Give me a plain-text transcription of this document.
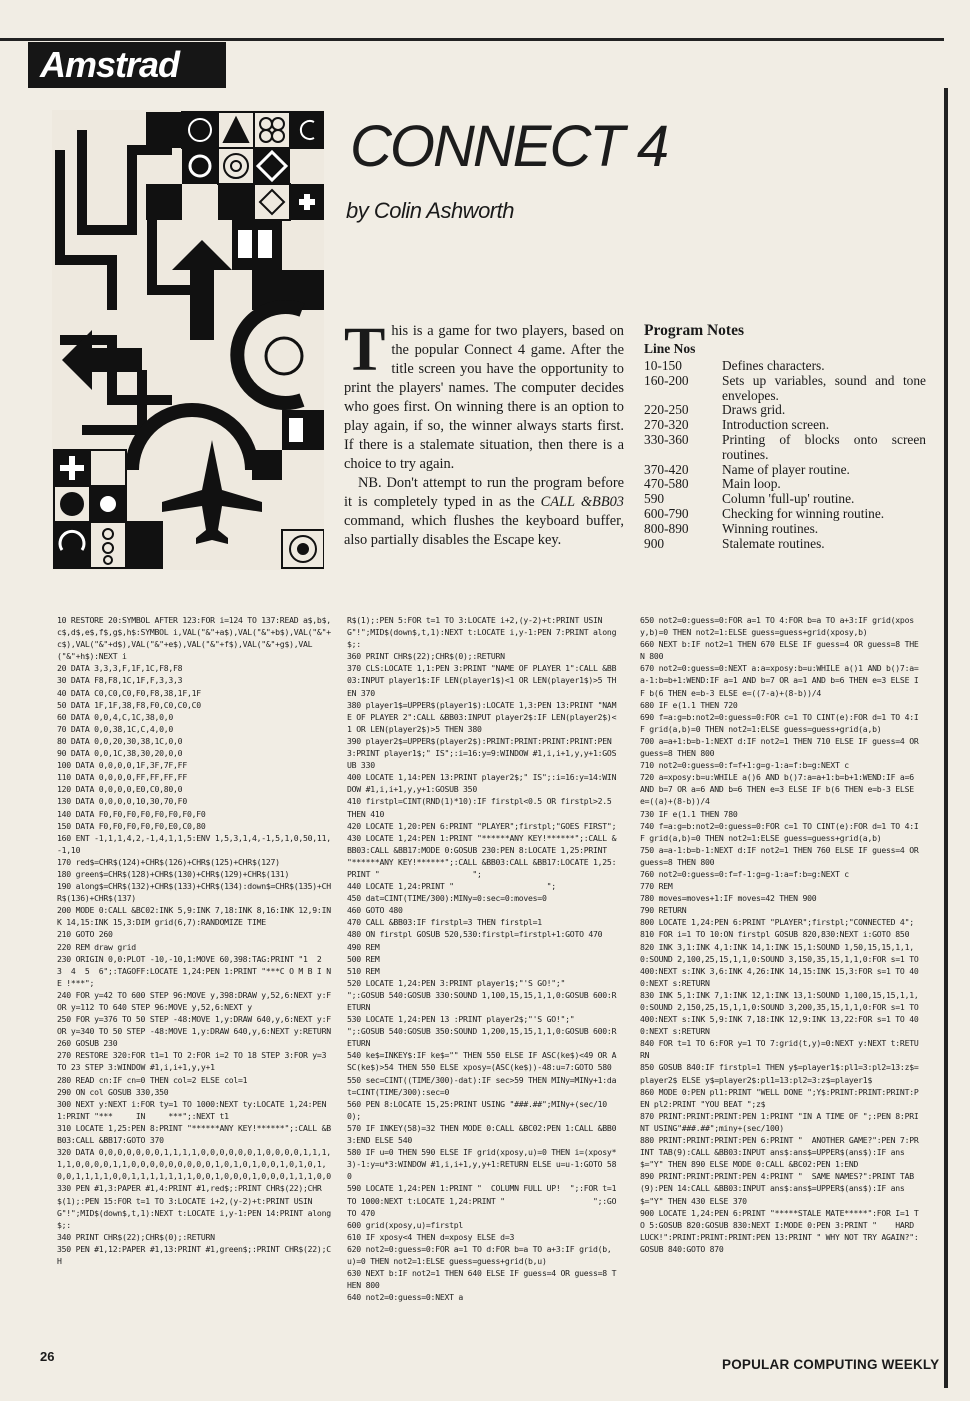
Amstrad
CONNECT 4
by Colin Ashworth

This is a game for two players, based on the popular Connect 4 game. After the title screen you have the opportunity to print the players' names. The computer decides who goes first. On winning there is an option to play again, if so, the winner always starts first. If there is a stalemate situation, then there is a choice to try again.

NB. Don't attempt to run the program before it is completely typed in as the CALL &BB03 command, which flushes the keyboard buffer, also partially disables the Escape key.

Program Notes
Line Nos
10-150	Defines characters.
160-200	Sets up variables, sound and tone envelopes.
220-250	Draws grid.
270-320	Introduction screen.
330-360	Printing of blocks onto screen routines.
370-420	Name of player routine.
470-580	Main loop.
590	Column 'full-up' routine.
600-790	Checking for winning routine.
800-890	Winning routines.
900	Stalemate routines.
10 RESTORE 20:SYMBOL AFTER 123:FOR i=124 TO 137:READ a$,b$,c$,d$,e$,f$,g$,h$:SYMBOL i,VAL("&"+a$),VAL("&"+b$),VAL("&"+c$),VAL("&"+d$),VAL("&"+e$),VAL("&"+f$),VAL("&"+g$),VAL("&"+h$):NEXT i
20 DATA 3,3,3,F,1F,1C,F8,F8
30 DATA F8,F8,1C,1F,F,3,3,3
40 DATA C0,C0,C0,F0,F8,38,1F,1F
50 DATA 1F,1F,38,F8,F0,C0,C0,C0
60 DATA 0,0,4,C,1C,38,0,0
70 DATA 0,0,38,1C,C,4,0,0
80 DATA 0,0,20,30,38,1C,0,0
90 DATA 0,0,1C,38,30,20,0,0
100 DATA 0,0,0,0,1F,3F,7F,FF
110 DATA 0,0,0,0,FF,FF,FF,FF
120 DATA 0,0,0,0,E0,C0,80,0
130 DATA 0,0,0,0,10,30,70,F0
140 DATA F0,F0,F0,F0,F0,F0,F0,F0
150 DATA F0,F0,F0,F0,F0,E0,C0,80
160 ENT -1,1,1,4,2,-1,4,1,1,5:ENV 1,5,3,1,4,-1,5,1,0,50,11,-1,10
170 red$=CHR$(124)+CHR$(126)+CHR$(125)+CHR$(127)
180 green$=CHR$(128)+CHR$(130)+CHR$(129)+CHR$(131)
190 along$=CHR$(132)+CHR$(133)+CHR$(134):down$=CHR$(135)+CHR$(136)+CHR$(137)
200 MODE 0:CALL &BC02:INK 5,9:INK 7,18:INK 8,16:INK 12,9:INK 14,15:INK 15,3:DIM grid(6,7):RANDOMIZE TIME
210 GOTO 260
220 REM draw grid
230 ORIGIN 0,0:PLOT -10,-10,1:MOVE 60,398:TAG:PRINT "1  2  3  4  5  6";:TAGOFF:LOCATE 1,24:PEN 1:PRINT "***C O M B I N E !***";
240 FOR y=42 TO 600 STEP 96:MOVE y,398:DRAW y,52,6:NEXT y:FOR y=112 TO 640 STEP 96:MOVE y,52,6:NEXT y
250 FOR y=376 TO 50 STEP -48:MOVE 1,y:DRAW 640,y,6:NEXT y:FOR y=340 TO 50 STEP -48:MOVE 1,y:DRAW 640,y,6:NEXT y:RETURN
260 GOSUB 230
270 RESTORE 320:FOR t1=1 TO 2:FOR i=2 TO 18 STEP 3:FOR y=3 TO 23 STEP 3:WINDOW #1,i,i+1,y,y+1
280 READ cn:IF cn=0 THEN col=2 ELSE col=1
290 ON col GOSUB 330,350
300 NEXT y:NEXT i:FOR ty=1 TO 1000:NEXT ty:LOCATE 1,24:PEN 1:PRINT "***     IN     ***";:NEXT t1
310 LOCATE 1,25:PEN 8:PRINT "******ANY KEY!******";:CALL &BB03:CALL &BB17:GOTO 370
320 DATA 0,0,0,0,0,0,0,1,1,1,1,0,0,0,0,0,0,1,0,0,0,0,1,1,1,1,1,0,0,0,0,1,1,0,0,0,0,0,0,0,0,0,1,0,1,0,1,0,0,1,0,1,0,1,0,0,1,1,1,1,0,0,1,1,1,1,1,1,1,0,0,1,0,0,0,1,0,0,0,1,1,1,0,0
330 PEN #1,3:PAPER #1,4:PRINT #1,red$;:PRINT CHR$(22);CHR$(1);:PEN 15:FOR t=1 TO 3:LOCATE i+2,(y-2)+t:PRINT USING"!";MID$(down$,t,1):NEXT t:LOCATE i,y-1:PEN 14:PRINT along$;:
340 PRINT CHR$(22);CHR$(0);:RETURN
350 PEN #1,12:PAPER #1,13:PRINT #1,green$;:PRINT CHR$(22);CH
R$(1);:PEN 5:FOR t=1 TO 3:LOCATE i+2,(y-2)+t:PRINT USING"!";MID$(down$,t,1):NEXT t:LOCATE i,y-1:PEN 7:PRINT along$;:
360 PRINT CHR$(22);CHR$(0);:RETURN
370 CLS:LOCATE 1,1:PEN 3:PRINT "NAME OF PLAYER 1":CALL &BB03:INPUT player1$:IF LEN(player1$)<1 OR LEN(player1$)>5 THEN 370
380 player1$=UPPER$(player1$):LOCATE 1,3:PEN 13:PRINT "NAME OF PLAYER 2":CALL &BB03:INPUT player2$:IF LEN(player2$)<1 OR LEN(player2$)>5 THEN 380
390 player2$=UPPER$(player2$):PRINT:PRINT:PRINT:PRINT:PEN 3:PRINT player1$;" IS";:i=16:y=9:WINDOW #1,i,i+1,y,y+1:GOSUB 330
400 LOCATE 1,14:PEN 13:PRINT player2$;" IS";:i=16:y=14:WINDOW #1,i,i+1,y,y+1:GOSUB 350
410 firstpl=CINT(RND(1)*10):IF firstpl<0.5 OR firstpl>2.5 THEN 410
420 LOCATE 1,20:PEN 6:PRINT "PLAYER";firstpl;"GOES FIRST";
430 LOCATE 1,24:PEN 1:PRINT "******ANY KEY!******";:CALL &BB03:CALL &BB17:MODE 0:GOSUB 230:PEN 8:LOCATE 1,25:PRINT "******ANY KEY!******";:CALL &BB03:CALL &BB17:LOCATE 1,25:PRINT "                    ";
440 LOCATE 1,24:PRINT "                    ";
450 dat=CINT(TIME/300):MINy=0:sec=0:moves=0
460 GOTO 480
470 CALL &BB03:IF firstpl=3 THEN firstpl=1
480 ON firstpl GOSUB 520,530:firstpl=firstpl+1:GOTO 470
490 REM
500 REM
510 REM
520 LOCATE 1,24:PEN 3:PRINT player1$;"'S GO!";"         ";:GOSUB 540:GOSUB 330:SOUND 1,100,15,15,1,1,0:GOSUB 600:RETURN
530 LOCATE 1,24:PEN 13 :PRINT player2$;"'S GO!";"         ";:GOSUB 540:GOSUB 350:SOUND 1,200,15,15,1,1,0:GOSUB 600:RETURN
540 ke$=INKEY$:IF ke$="" THEN 550 ELSE IF ASC(ke$)<49 OR ASC(ke$)>54 THEN 550 ELSE xposy=(ASC(ke$))-48:u=7:GOTO 580
550 sec=CINT((TIME/300)-dat):IF sec>59 THEN MINy=MINy+1:dat=CINT(TIME/300):sec=0
560 PEN 8:LOCATE 15,25:PRINT USING "###.##";MINy+(sec/100);
570 IF INKEY(58)=32 THEN MODE 0:CALL &BC02:PEN 1:CALL &BB03:END ELSE 540
580 IF u=0 THEN 590 ELSE IF grid(xposy,u)=0 THEN i=(xposy*3)-1:y=u*3:WINDOW #1,i,i+1,y,y+1:RETURN ELSE u=u-1:GOTO 580
590 LOCATE 1,24:PEN 1:PRINT "  COLUMN FULL UP!  ";:FOR t=1 TO 1000:NEXT t:LOCATE 1,24:PRINT "                   ";:GOTO 470
600 grid(xposy,u)=firstpl
610 IF xposy<4 THEN d=xposy ELSE d=3
620 not2=0:guess=0:FOR a=1 TO d:FOR b=a TO a+3:IF grid(b,u)=0 THEN not2=1:ELSE guess=guess+grid(b,u)
630 NEXT b:IF not2=1 THEN 640 ELSE IF guess=4 OR guess=8 THEN 800
640 not2=0:guess=0:NEXT a
650 not2=0:guess=0:FOR a=1 TO 4:FOR b=a TO a+3:IF grid(xposy,b)=0 THEN not2=1:ELSE guess=guess+grid(xposy,b)
660 NEXT b:IF not2=1 THEN 670 ELSE IF guess=4 OR guess=8 THEN 800
670 not2=0:guess=0:NEXT a:a=xposy:b=u:WHILE a()1 AND b()7:a=a-1:b=b+1:WEND:IF a=1 AND b=7 OR a=1 AND b=6 THEN e=3 ELSE IF b(6 THEN e=b-3 ELSE e=((7-a)+(8-b))/4
680 IF e(1.1 THEN 720
690 f=a:g=b:not2=0:guess=0:FOR c=1 TO CINT(e):FOR d=1 TO 4:IF grid(a,b)=0 THEN not2=1:ELSE guess=guess+grid(a,b)
700 a=a+1:b=b-1:NEXT d:IF not2=1 THEN 710 ELSE IF guess=4 OR guess=8 THEN 800
710 not2=0:guess=0:f=f+1:g=g-1:a=f:b=g:NEXT c
720 a=xposy:b=u:WHILE a()6 AND b()7:a=a+1:b=b+1:WEND:IF a=6 AND b=7 OR a=6 AND b=6 THEN e=3 ELSE IF b(6 THEN e=b-3 ELSE e=((a)+(8-b))/4
730 IF e(1.1 THEN 780
740 f=a:g=b:not2=0:guess=0:FOR c=1 TO CINT(e):FOR d=1 TO 4:IF grid(a,b)=0 THEN not2=1:ELSE guess=guess+grid(a,b)
750 a=a-1:b=b-1:NEXT d:IF not2=1 THEN 760 ELSE IF guess=4 OR guess=8 THEN 800
760 not2=0:guess=0:f=f-1:g=g-1:a=f:b=g:NEXT c
770 REM
780 moves=moves+1:IF moves=42 THEN 900
790 RETURN
800 LOCATE 1,24:PEN 6:PRINT "PLAYER";firstpl;"CONNECTED 4";
810 FOR i=1 TO 10:ON firstpl GOSUB 820,830:NEXT i:GOTO 850
820 INK 3,1:INK 4,1:INK 14,1:INK 15,1:SOUND 1,50,15,15,1,1,0:SOUND 2,100,25,15,1,1,0:SOUND 3,150,35,15,1,1,0:FOR s=1 TO 400:NEXT s:INK 3,6:INK 4,26:INK 14,15:INK 15,3:FOR s=1 TO 400:NEXT s:RETURN
830 INK 5,1:INK 7,1:INK 12,1:INK 13,1:SOUND 1,100,15,15,1,1,0:SOUND 2,150,25,15,1,1,0:SOUND 3,200,35,15,1,1,0:FOR s=1 TO 400:NEXT s:INK 5,9:INK 7,18:INK 12,9:INK 13,22:FOR s=1 TO 400:NEXT s:RETURN
840 FOR t=1 TO 6:FOR y=1 TO 7:grid(t,y)=0:NEXT y:NEXT t:RETURN
850 GOSUB 840:IF firstpl=1 THEN y$=player1$:pl1=3:pl2=13:z$=player2$ ELSE y$=player2$:pl1=13:pl2=3:z$=player1$
860 MODE 0:PEN pl1:PRINT "WELL DONE ";Y$:PRINT:PRINT:PRINT:PEN pl2:PRINT "YOU BEAT ";z$
870 PRINT:PRINT:PRINT:PEN 1:PRINT "IN A TIME OF ";:PEN 8:PRINT USING"###.##";miny+(sec/100)
880 PRINT:PRINT:PRINT:PEN 6:PRINT "  ANOTHER GAME?":PEN 7:PRINT TAB(9):CALL &BB03:INPUT ans$:ans$=UPPER$(ans$):IF ans$="Y" THEN 890 ELSE MODE 0:CALL &BC02:PEN 1:END
890 PRINT:PRINT:PRINT:PEN 4:PRINT "  SAME NAMES?":PRINT TAB(9):PEN 14:CALL &BB03:INPUT ans$:ans$=UPPER$(ans$):IF ans$="Y" THEN 430 ELSE 370
900 LOCATE 1,24:PEN 6:PRINT "*****STALE MATE*****":FOR I=1 TO 5:GOSUB 820:GOSUB 830:NEXT I:MODE 0:PEN 3:PRINT "    HARD LUCK!":PRINT:PRINT:PRINT:PEN 13:PRINT " WHY NOT TRY AGAIN?":GOSUB 840:GOTO 870
26
POPULAR COMPUTING WEEKLY
